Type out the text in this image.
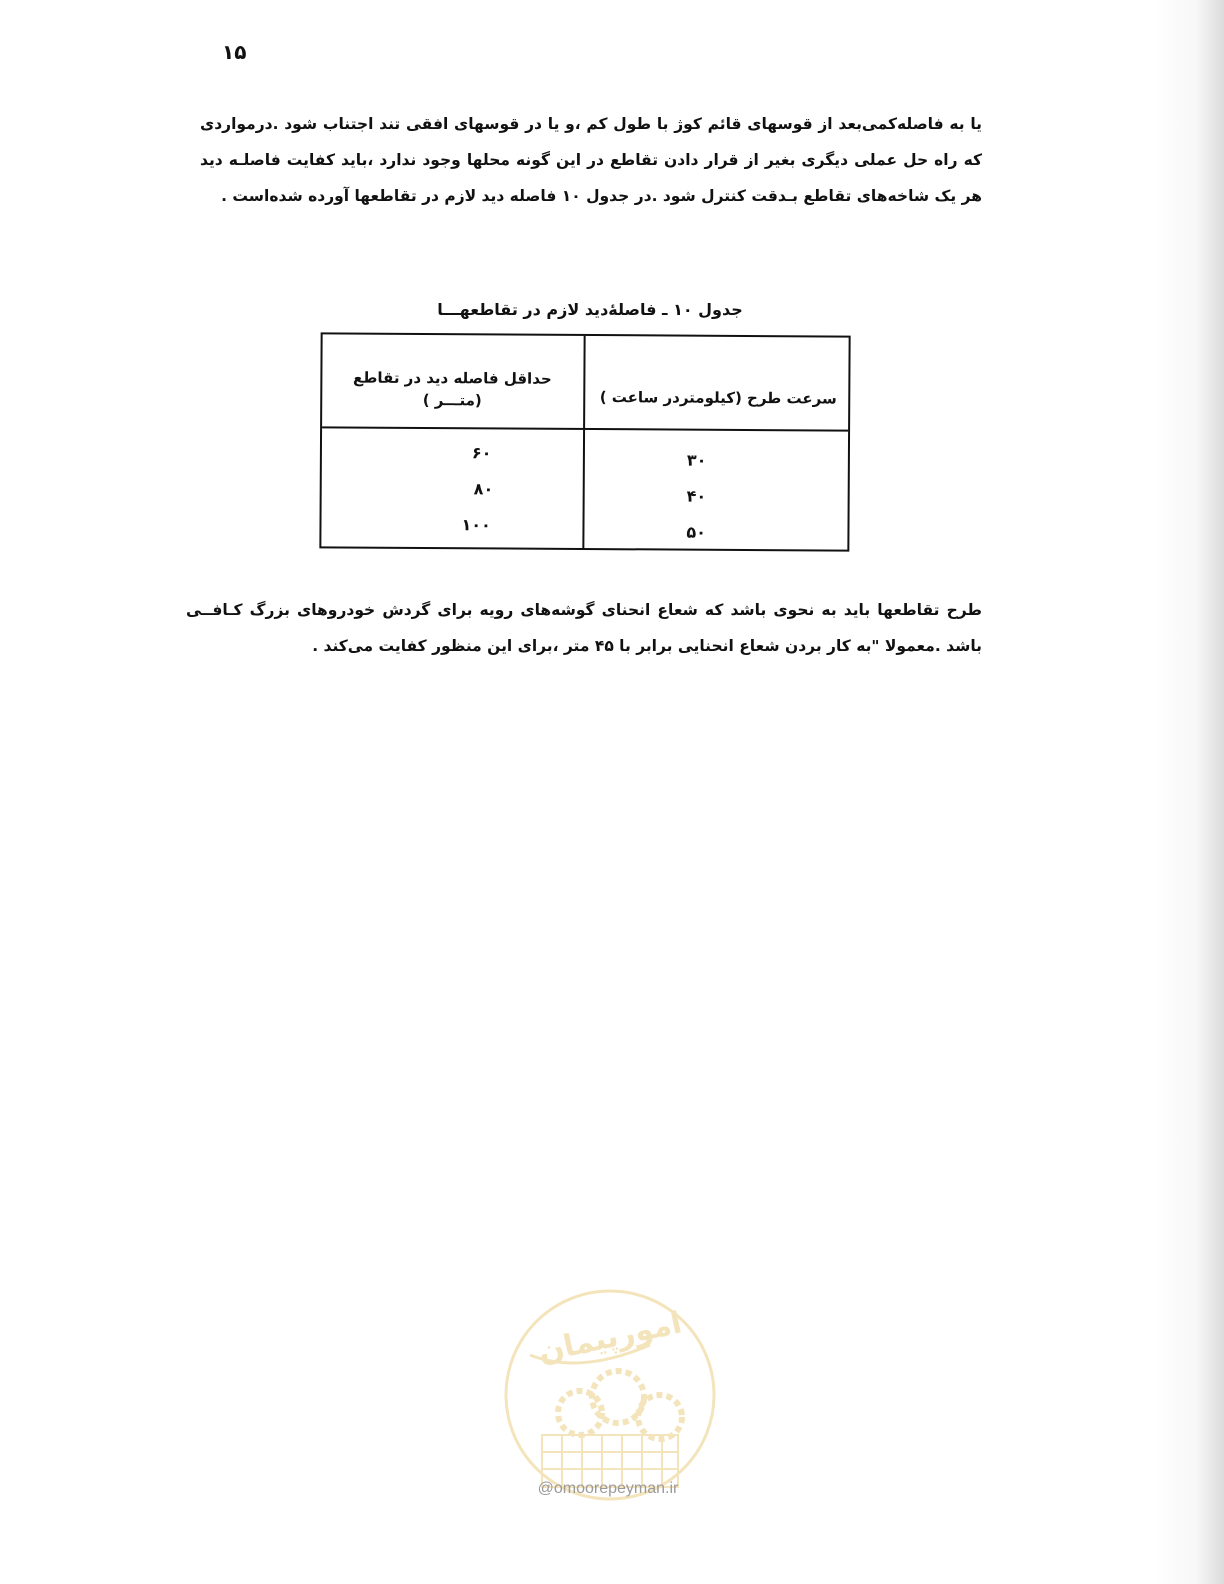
۱۵

یا به فاصله‌کمی‌بعد از قوسهای قائم کوژ با طول کم ،و یا در قوسهای افقی تند اجتناب شود .درمواردی که راه حل عملی دیگری بغیر از قرار دادن تقاطع در این گونه محلها وجود ندارد ،باید کفایت فاصلـه دید هر یک شاخه‌های تقاطع بـدقت کنترل شود .در جدول ۱۰ فاصله دید لازم در تقاطعها آورده شده‌است .

جدول ۱۰ ـ فاصله‌ٔدید لازم در تقاطعهـــا
سرعت طرح (کیلومتردر ساعت )
حداقل فاصله دید در تقاطع
(متـــر )
۳۰
۶۰
۴۰
۸۰
۵۰
۱۰۰

طرح تقاطعها باید به نحوی باشد که شعاع انحنای گوشه‌های رویه برای گردش خودروهای بزرگ کـافــی باشد .معمولا "به کار بردن شعاع انحنایی برابر با ۴۵ متر ،برای این منظور کفایت می‌کند .

امورپیمان
@omoorepeyman.ir
